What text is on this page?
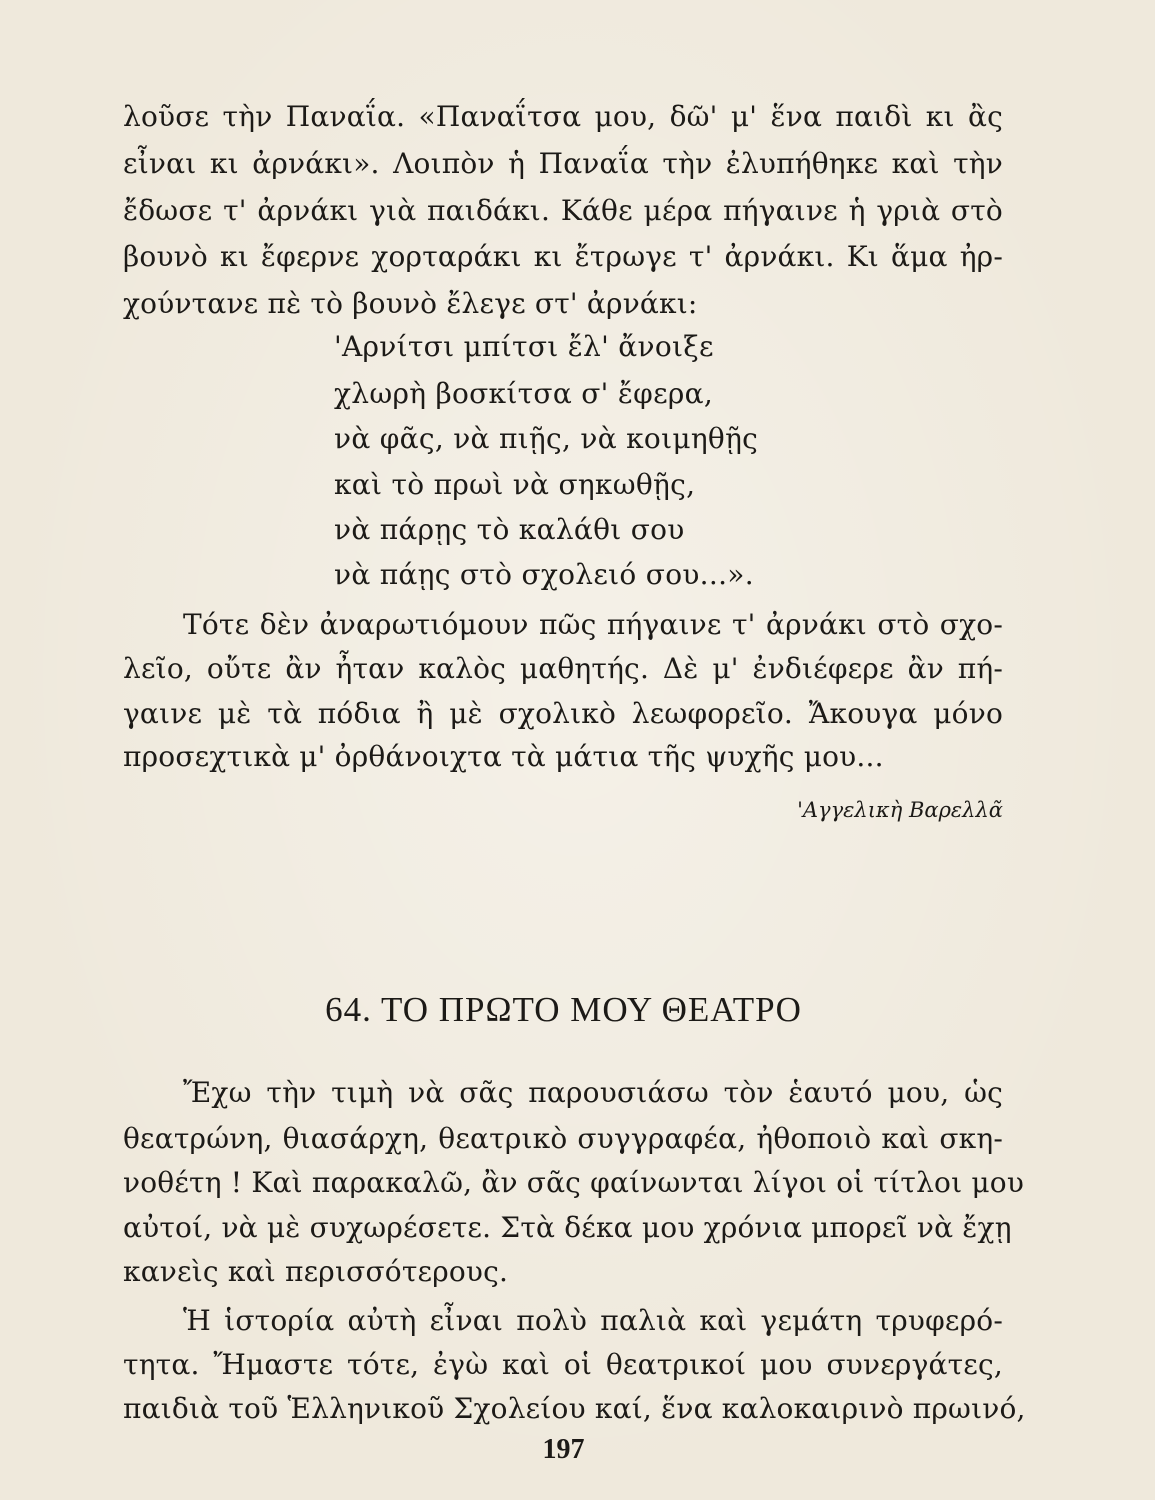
λοῦσε τὴν Παναΐα. «Παναΐτσα μου, δῶ' μ' ἕνα παιδὶ κι ἂς
εἶναι κι ἀρνάκι». Λοιπὸν ἡ Παναΐα τὴν ἐλυπήθηκε καὶ τὴν
ἔδωσε τ' ἀρνάκι γιὰ παιδάκι. Κάθε μέρα πήγαινε ἡ γριὰ στὸ
βουνὸ κι ἔφερνε χορταράκι κι ἔτρωγε τ' ἀρνάκι. Κι ἅμα ἠρ-
χούντανε πὲ τὸ βουνὸ ἔλεγε στ' ἀρνάκι:
'Αρνίτσι μπίτσι ἔλ' ἄνοιξε
χλωρὴ βοσκίτσα σ' ἔφερα,
νὰ φᾶς, νὰ πιῇς, νὰ κοιμηθῇς
καὶ τὸ πρωὶ νὰ σηκωθῇς,
νὰ πάρῃς τὸ καλάθι σου
νὰ πάῃς στὸ σχολειό σου...».
Τότε δὲν ἀναρωτιόμουν πῶς πήγαινε τ' ἀρνάκι στὸ σχο-
λεῖο, οὔτε ἂν ἦταν καλὸς μαθητής. Δὲ μ' ἐνδιέφερε ἂν πή-
γαινε μὲ τὰ πόδια ἢ μὲ σχολικὸ λεωφορεῖο. Ἄκουγα μόνο
προσεχτικὰ μ' ὀρθάνοιχτα τὰ μάτια τῆς ψυχῆς μου...
'Αγγελικὴ Βαρελλᾶ
64. ΤΟ ΠΡΩΤΟ ΜΟΥ ΘΕΑΤΡΟ
Ἔχω τὴν τιμὴ νὰ σᾶς παρουσιάσω τὸν ἑαυτό μου, ὡς
θεατρώνη, θιασάρχη, θεατρικὸ συγγραφέα, ἠθοποιὸ καὶ σκη-
νοθέτη ! Καὶ παρακαλῶ, ἂν σᾶς φαίνωνται λίγοι οἱ τίτλοι μου
αὐτοί, νὰ μὲ συχωρέσετε. Στὰ δέκα μου χρόνια μπορεῖ νὰ ἔχῃ
κανεὶς καὶ περισσότερους.
Ἡ ἱστορία αὐτὴ εἶναι πολὺ παλιὰ καὶ γεμάτη τρυφερό-
τητα. Ἤμαστε τότε, ἐγὼ καὶ οἱ θεατρικοί μου συνεργάτες,
παιδιὰ τοῦ Ἑλληνικοῦ Σχολείου καί, ἕνα καλοκαιρινὸ πρωινό,
197
